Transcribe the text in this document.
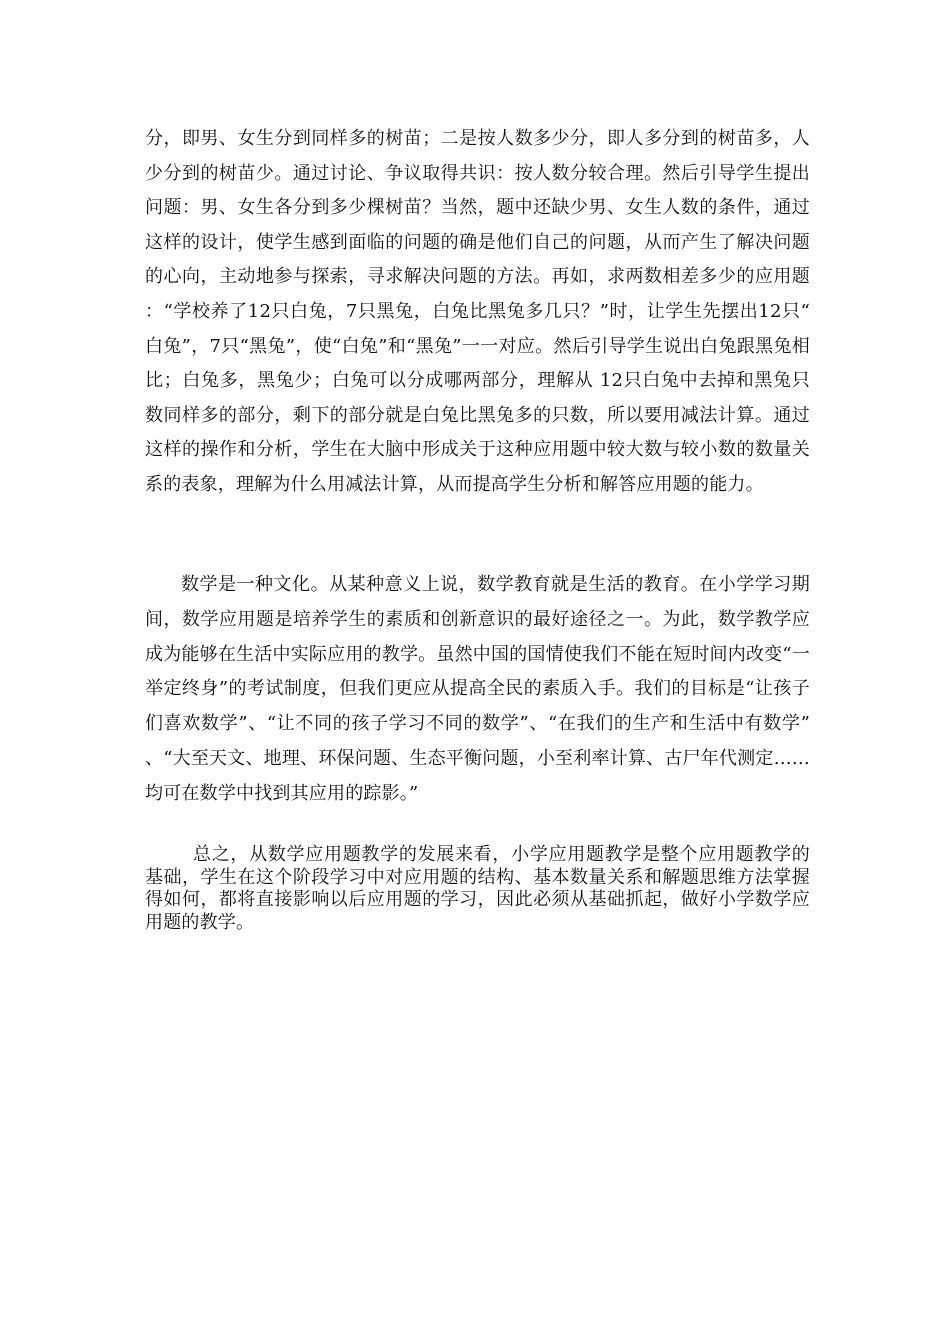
分，即男、女生分到同样多的树苗；二是按人数多少分，即人多分到的树苗多，人少分到的树苗少。通过讨论、争议取得共识：按人数分较合理。然后引导学生提出问题：男、女生各分到多少棵树苗？当然，题中还缺少男、女生人数的条件，通过这样的设计，使学生感到面临的问题的确是他们自己的问题，从而产生了解决问题的心向，主动地参与探索，寻求解决问题的方法。再如，求两数相差多少的应用题：“学校养了12只白兔，7只黑兔，白兔比黑兔多几只？”时，让学生先摆出12只“白兔”，7只“黑兔”，使“白兔”和“黑兔”一一对应。然后引导学生说出白兔跟黑兔相比；白兔多，黑兔少；白兔可以分成哪两部分，理解从 12只白兔中去掉和黑兔只数同样多的部分，剩下的部分就是白兔比黑兔多的只数，所以要用减法计算。通过这样的操作和分析，学生在大脑中形成关于这种应用题中较大数与较小数的数量关系的表象，理解为什么用减法计算，从而提高学生分析和解答应用题的能力。

数学是一种文化。从某种意义上说，数学教育就是生活的教育。在小学学习期间，数学应用题是培养学生的素质和创新意识的最好途径之一。为此，数学教学应成为能够在生活中实际应用的教学。虽然中国的国情使我们不能在短时间内改变“一举定终身”的考试制度，但我们更应从提高全民的素质入手。我们的目标是“让孩子们喜欢数学”、“让不同的孩子学习不同的数学”、“在我们的生产和生活中有数学”、“大至天文、地理、环保问题、生态平衡问题，小至利率计算、古尸年代测定……均可在数学中找到其应用的踪影。”

总之，从数学应用题教学的发展来看，小学应用题教学是整个应用题教学的基础，学生在这个阶段学习中对应用题的结构、基本数量关系和解题思维方法掌握得如何，都将直接影响以后应用题的学习，因此必须从基础抓起，做好小学数学应用题的教学。
